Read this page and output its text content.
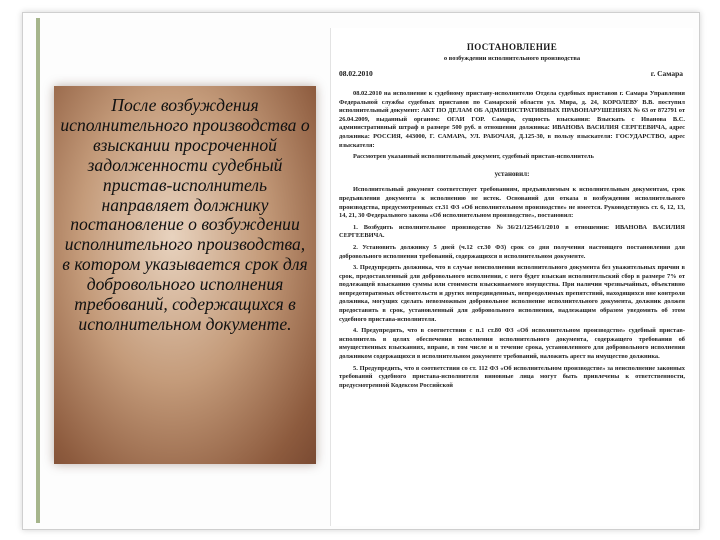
После возбуждения исполнительного производства о взыскании просроченной задолженности судебный пристав-исполнитель направляет должнику постановление о возбуждении исполнительного производства, в котором указывается срок для добровольного исполнения требований, содержащихся в исполнительном документе.

ПОСТАНОВЛЕНИЕ
о возбуждении исполнительного производства
08.02.2010	г. Самара

08.02.2010 на исполнение к судебному приставу-исполнителю Отдела судебных приставов г. Самара Управления Федеральной службы судебных приставов по Самарской области ул. Мира, д. 24, КОРОЛЕВУ В.В. поступил исполнительный документ: АКТ ПО ДЕЛАМ ОБ АДМИНИСТРАТИВНЫХ ПРАВОНАРУШЕНИЯХ № 63 от 872791 от 26.04.2009, выданный органом: ОГАИ ГОР. Самара, сущность взыскания: Взыскать с Иванова В.С. административный штраф в размере 500 руб. в отношении должника: ИВАНОВА ВАСИЛИЯ СЕРГЕЕВИЧА, адрес должника: РОССИЯ, 443000, Г. САМАРА, УЛ. РАБОЧАЯ, Д.125-30, в пользу взыскателя: ГОСУДАРСТВО, адрес взыскателя:

Рассмотрев указанный исполнительный документ, судебный пристав-исполнитель

установил:

Исполнительный документ соответствует требованиям, предъявляемым к исполнительным документам, срок предъявления документа к исполнению не истек. Оснований для отказа в возбуждении исполнительного производства, предусмотренных ст.31 ФЗ «Об исполнительном производстве» не имеется. Руководствуясь ст. 6, 12, 13, 14, 21, 30 Федерального закона «Об исполнительном производстве», постановил:

1. Возбудить исполнительное производство №36/21/12546/1/2010 в отношении: ИВАНОВА ВАСИЛИЯ СЕРГЕЕВИЧА.

2. Установить должнику 5 дней (ч.12 ст.30 ФЗ) срок со дня получения настоящего постановления для добровольного исполнения требований, содержащихся в исполнительном документе.

3. Предупредить должника, что в случае неисполнения исполнительного документа без уважительных причин в срок, предоставленный для добровольного исполнения, с него будет взыскан исполнительский сбор в размере 7% от подлежащей взысканию суммы или стоимости взыскиваемого имущества. При наличии чрезвычайных, объективно непредотвратимых обстоятельств и других непредвиденных, непреодолимых препятствий, находящихся вне контроля должника, могущих сделать невозможным добровольное исполнение исполнительного документа, должник должен предоставить в срок, установленный для добровольного исполнения, надлежащим образом уведомить об этом судебного пристава-исполнителя.

4. Предупредить, что в соответствии с п.1 ст.80 ФЗ «Об исполнительном производстве» судебный пристав-исполнитель в целях обеспечения исполнения исполнительного документа, содержащего требования об имущественных взысканиях, вправе, в том числе и в течение срока, установленного для добровольного исполнения должником содержащихся в исполнительном документе требований, наложить арест на имущество должника.

5. Предупредить, что в соответствии со ст. 112 ФЗ «Об исполнительном производстве» за неисполнение законных требований судебного пристава-исполнителя виновные лица могут быть привлечены к ответственности, предусмотренной Кодексом Российской
